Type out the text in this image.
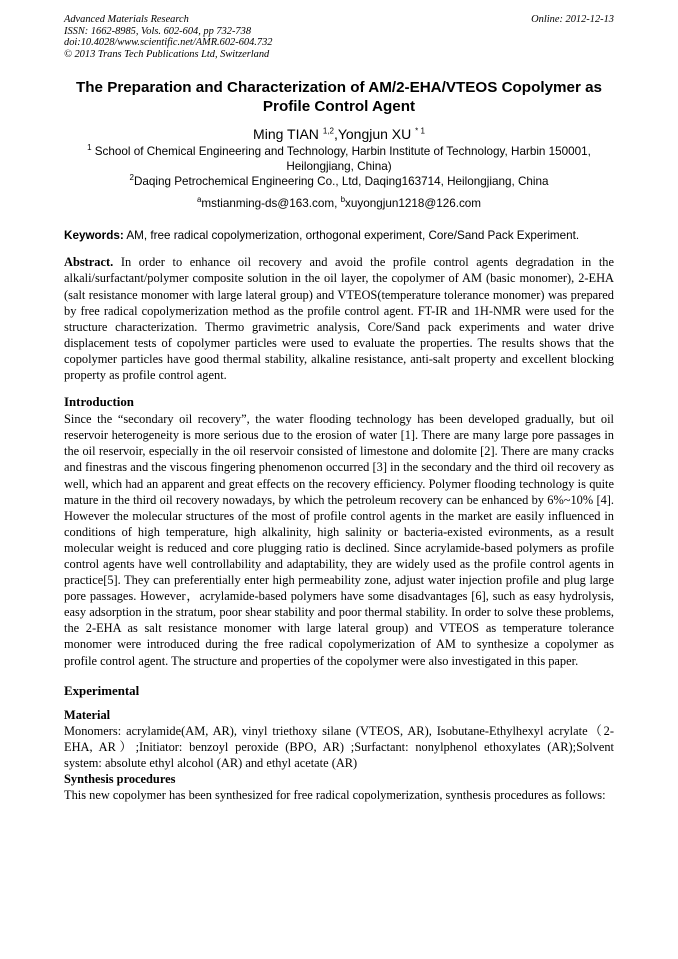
Advanced Materials Research
ISSN: 1662-8985, Vols. 602-604, pp 732-738
doi:10.4028/www.scientific.net/AMR.602-604.732
© 2013 Trans Tech Publications Ltd, Switzerland
Online: 2012-12-13
The Preparation and Characterization of AM/2-EHA/VTEOS Copolymer as Profile Control Agent
Ming TIAN $^{1,2}$,Yongjun XU $^{* 1}$
$^1$ School of Chemical Engineering and Technology, Harbin Institute of Technology, Harbin 150001, Heilongjiang, China)
$^2$Daqing Petrochemical Engineering Co., Ltd, Daqing163714, Heilongjiang, China
$^a$mstianming-ds@163.com, $^b$xuyongjun1218@126.com
Keywords: AM, free radical copolymerization, orthogonal experiment, Core/Sand Pack Experiment.
Abstract. In order to enhance oil recovery and avoid the profile control agents degradation in the alkali/surfactant/polymer composite solution in the oil layer, the copolymer of AM (basic monomer), 2-EHA (salt resistance monomer with large lateral group) and VTEOS(temperature tolerance monomer) was prepared by free radical copolymerization method as the profile control agent. FT-IR and 1H-NMR were used for the structure characterization. Thermo gravimetric analysis, Core/Sand pack experiments and water drive displacement tests of copolymer particles were used to evaluate the properties. The results shows that the copolymer particles have good thermal stability, alkaline resistance, anti-salt property and excellent blocking property as profile control agent.
Introduction
Since the “secondary oil recovery”, the water flooding technology has been developed gradually, but oil reservoir heterogeneity is more serious due to the erosion of water [1]. There are many large pore passages in the oil reservoir, especially in the oil reservoir consisted of limestone and dolomite [2]. There are many cracks and finestras and the viscous fingering phenomenon occurred [3] in the secondary and the third oil recovery as well, which had an apparent and great effects on the recovery efficiency. Polymer flooding technology is quite mature in the third oil recovery nowadays, by which the petroleum recovery can be enhanced by 6%~10% [4]. However the molecular structures of the most of profile control agents in the market are easily influenced in conditions of high temperature, high alkalinity, high salinity or bacteria-existed evironments, as a result molecular weight is reduced and core plugging ratio is declined. Since acrylamide-based polymers as profile control agents have well controllability and adaptability, they are widely used as the profile control agents in practice[5]. They can preferentially enter high permeability zone, adjust water injection profile and plug large pore passages. However，acrylamide-based polymers have some disadvantages [6], such as easy hydrolysis, easy adsorption in the stratum, poor shear stability and poor thermal stability. In order to solve these problems, the 2-EHA as salt resistance monomer with large lateral group) and VTEOS as temperature tolerance monomer were introduced during the free radical copolymerization of AM to synthesize a copolymer as profile control agent. The structure and properties of the copolymer were also investigated in this paper.
Experimental
Material
Monomers: acrylamide(AM, AR), vinyl triethoxy silane (VTEOS, AR), Isobutane-Ethylhexyl acrylate（2-EHA, AR）;Initiator: benzoyl peroxide (BPO, AR) ;Surfactant: nonylphenol ethoxylates (AR);Solvent system: absolute ethyl alcohol (AR) and ethyl acetate (AR)
Synthesis procedures
This new copolymer has been synthesized for free radical copolymerization, synthesis procedures as follows:
